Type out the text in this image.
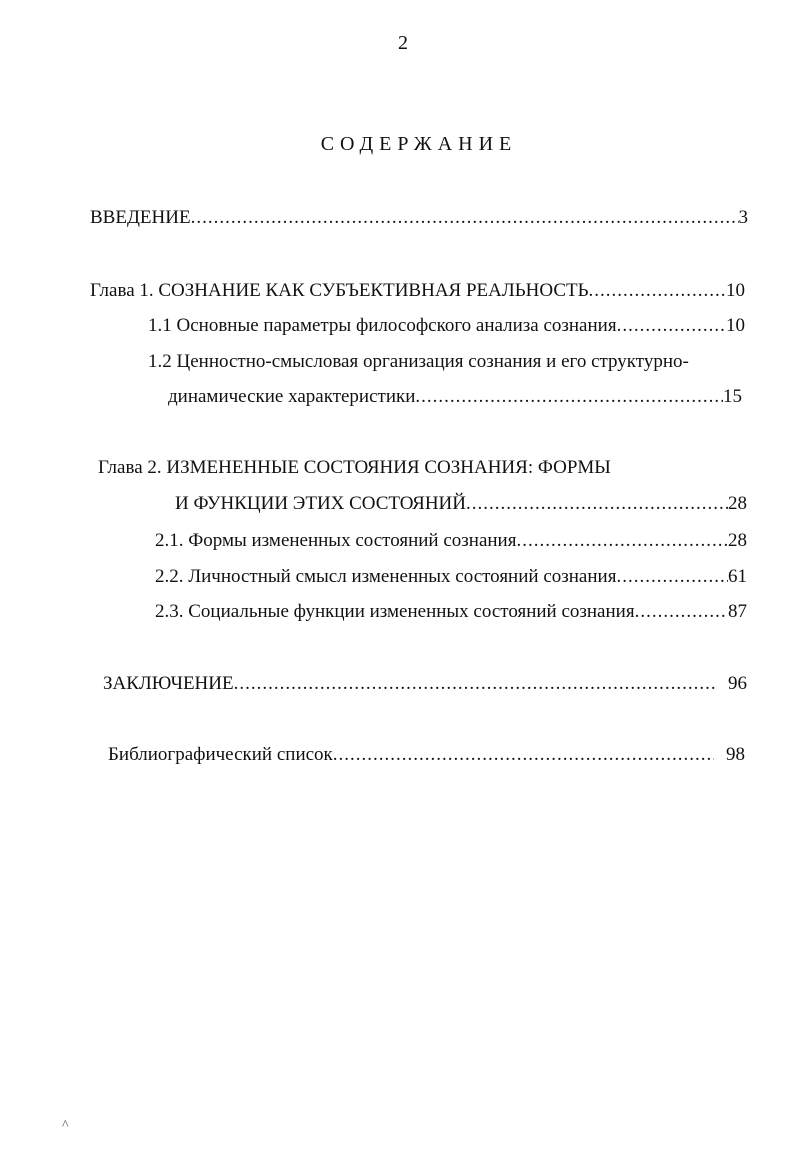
2
СОДЕРЖАНИЕ
ВВЕДЕНИЕ .....	3
Глава 1. СОЗНАНИЕ КАК СУБЪЕКТИВНАЯ РЕАЛЬНОСТЬ .....	10
1.1 Основные параметры философского анализа сознания .....	10
1.2 Ценностно-смысловая организация сознания и его структурно-
динамические характеристики .....	15
Глава 2. ИЗМЕНЕННЫЕ СОСТОЯНИЯ СОЗНАНИЯ: ФОРМЫ
И ФУНКЦИИ ЭТИХ СОСТОЯНИЙ .....	28
2.1. Формы измененных состояний сознания .....	28
2.2. Личностный смысл измененных состояний сознания .....	61
2.3. Социальные функции измененных состояний сознания .....	87
ЗАКЛЮЧЕНИЕ .....	96
Библиографический список .....	98
^
